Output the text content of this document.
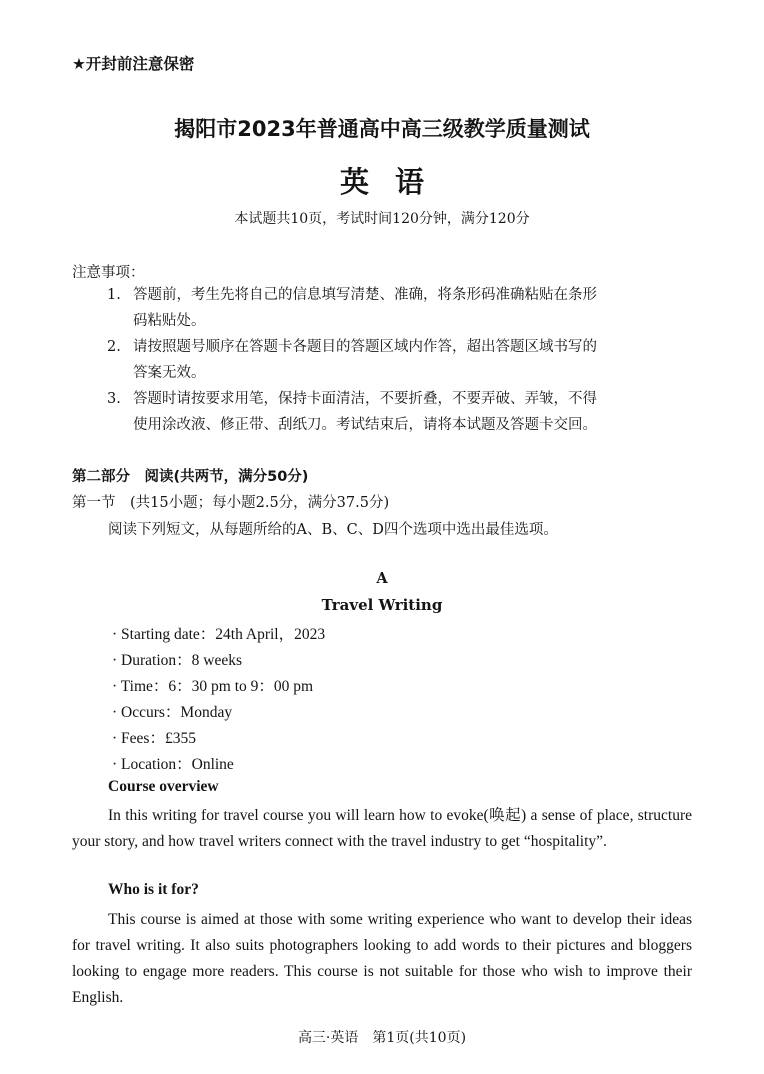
★开封前注意保密
揭阳市2023年普通高中高三级教学质量测试
英语
本试题共10页，考试时间120分钟，满分120分
注意事项：
1. 答题前，考生先将自己的信息填写清楚、准确，将条形码准确粘贴在条形
码粘贴处。
2. 请按照题号顺序在答题卡各题目的答题区域内作答，超出答题区域书写的
答案无效。
3. 答题时请按要求用笔，保持卡面清洁，不要折叠，不要弄破、弄皱，不得
使用涂改液、修正带、刮纸刀。考试结束后，请将本试题及答题卡交回。
第二部分　阅读(共两节，满分50分)
第一节　(共15小题；每小题2.5分，满分37.5分)
阅读下列短文，从每题所给的A、B、C、D四个选项中选出最佳选项。
A
Travel Writing
· Starting date：24th April，2023
· Duration：8 weeks
· Time：6：30 pm to 9：00 pm
· Occurs：Monday
· Fees：£355
· Location：Online
Course overview
In this writing for travel course you will learn how to evoke(唤起) a sense of place, structure your story, and how travel writers connect with the travel industry to get “hospitality”.
Who is it for?
This course is aimed at those with some writing experience who want to develop their ideas for travel writing. It also suits photographers looking to add words to their pictures and bloggers looking to engage more readers. This course is not suitable for those who wish to improve their English.
高三·英语　第1页(共10页)
